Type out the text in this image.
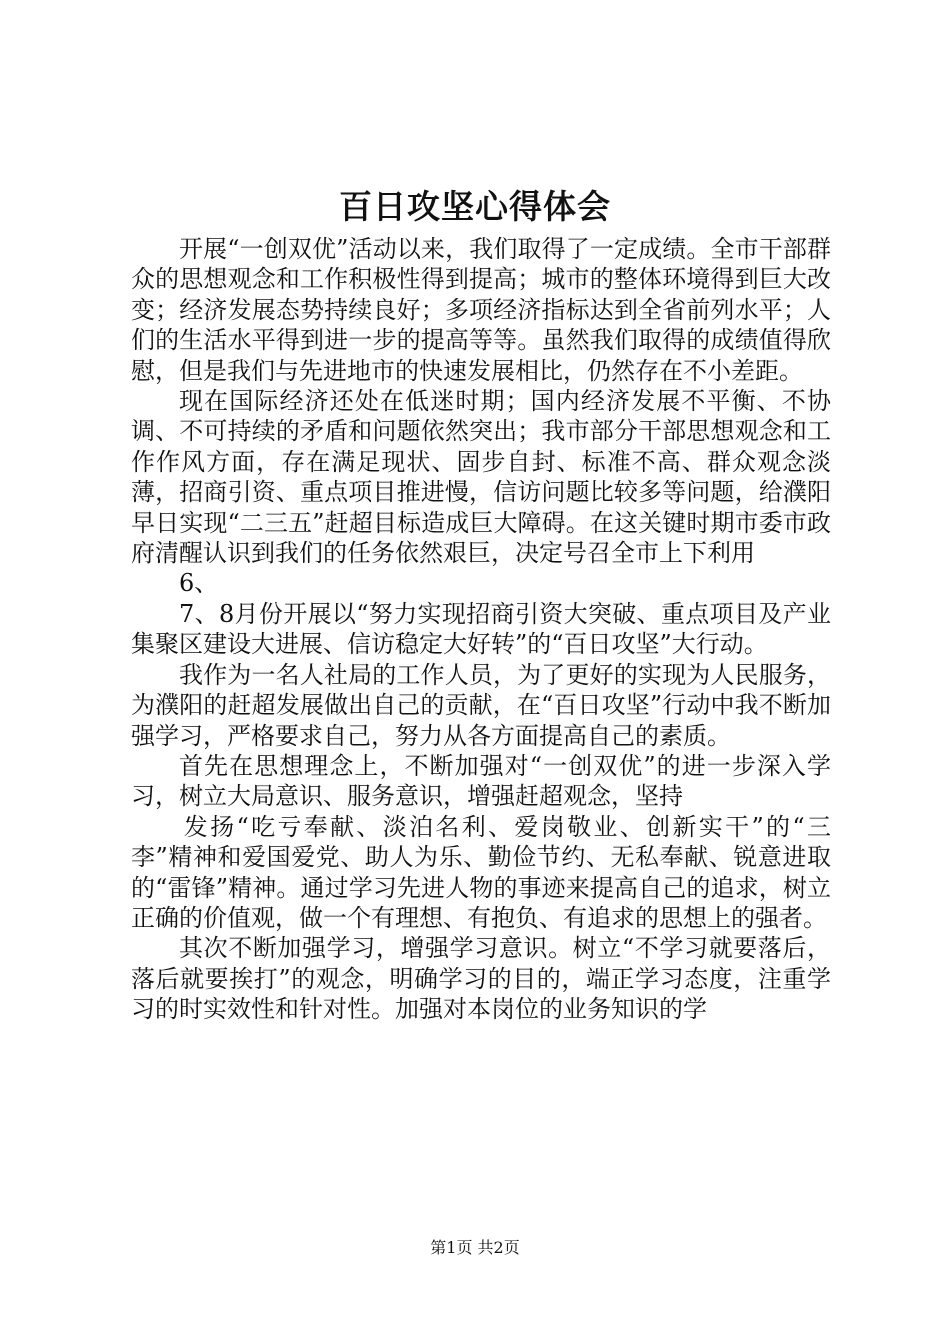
百日攻坚心得体会

开展“一创双优”活动以来，我们取得了一定成绩。全市干部群众的思想观念和工作积极性得到提高；城市的整体环境得到巨大改变；经济发展态势持续良好；多项经济指标达到全省前列水平；人们的生活水平得到进一步的提高等等。虽然我们取得的成绩值得欣慰，但是我们与先进地市的快速发展相比，仍然存在不小差距。

现在国际经济还处在低迷时期；国内经济发展不平衡、不协调、不可持续的矛盾和问题依然突出；我市部分干部思想观念和工作作风方面，存在满足现状、固步自封、标准不高、群众观念淡薄，招商引资、重点项目推进慢，信访问题比较多等问题，给濮阳早日实现“二三五”赶超目标造成巨大障碍。在这关键时期市委市政府清醒认识到我们的任务依然艰巨，决定号召全市上下利用

6、

7、8月份开展以“努力实现招商引资大突破、重点项目及产业集聚区建设大进展、信访稳定大好转”的“百日攻坚”大行动。

我作为一名人社局的工作人员，为了更好的实现为人民服务，为濮阳的赶超发展做出自己的贡献，在“百日攻坚”行动中我不断加强学习，严格要求自己，努力从各方面提高自己的素质。

首先在思想理念上，不断加强对“一创双优”的进一步深入学习，树立大局意识、服务意识，增强赶超观念，坚持

发扬“吃亏奉献、淡泊名利、爱岗敬业、创新实干”的“三李”精神和爱国爱党、助人为乐、勤俭节约、无私奉献、锐意进取的“雷锋”精神。通过学习先进人物的事迹来提高自己的追求，树立正确的价值观，做一个有理想、有抱负、有追求的思想上的强者。

其次不断加强学习，增强学习意识。树立“不学习就要落后，落后就要挨打”的观念，明确学习的目的，端正学习态度，注重学习的时实效性和针对性。加强对本岗位的业务知识的学

第1页 共2页
